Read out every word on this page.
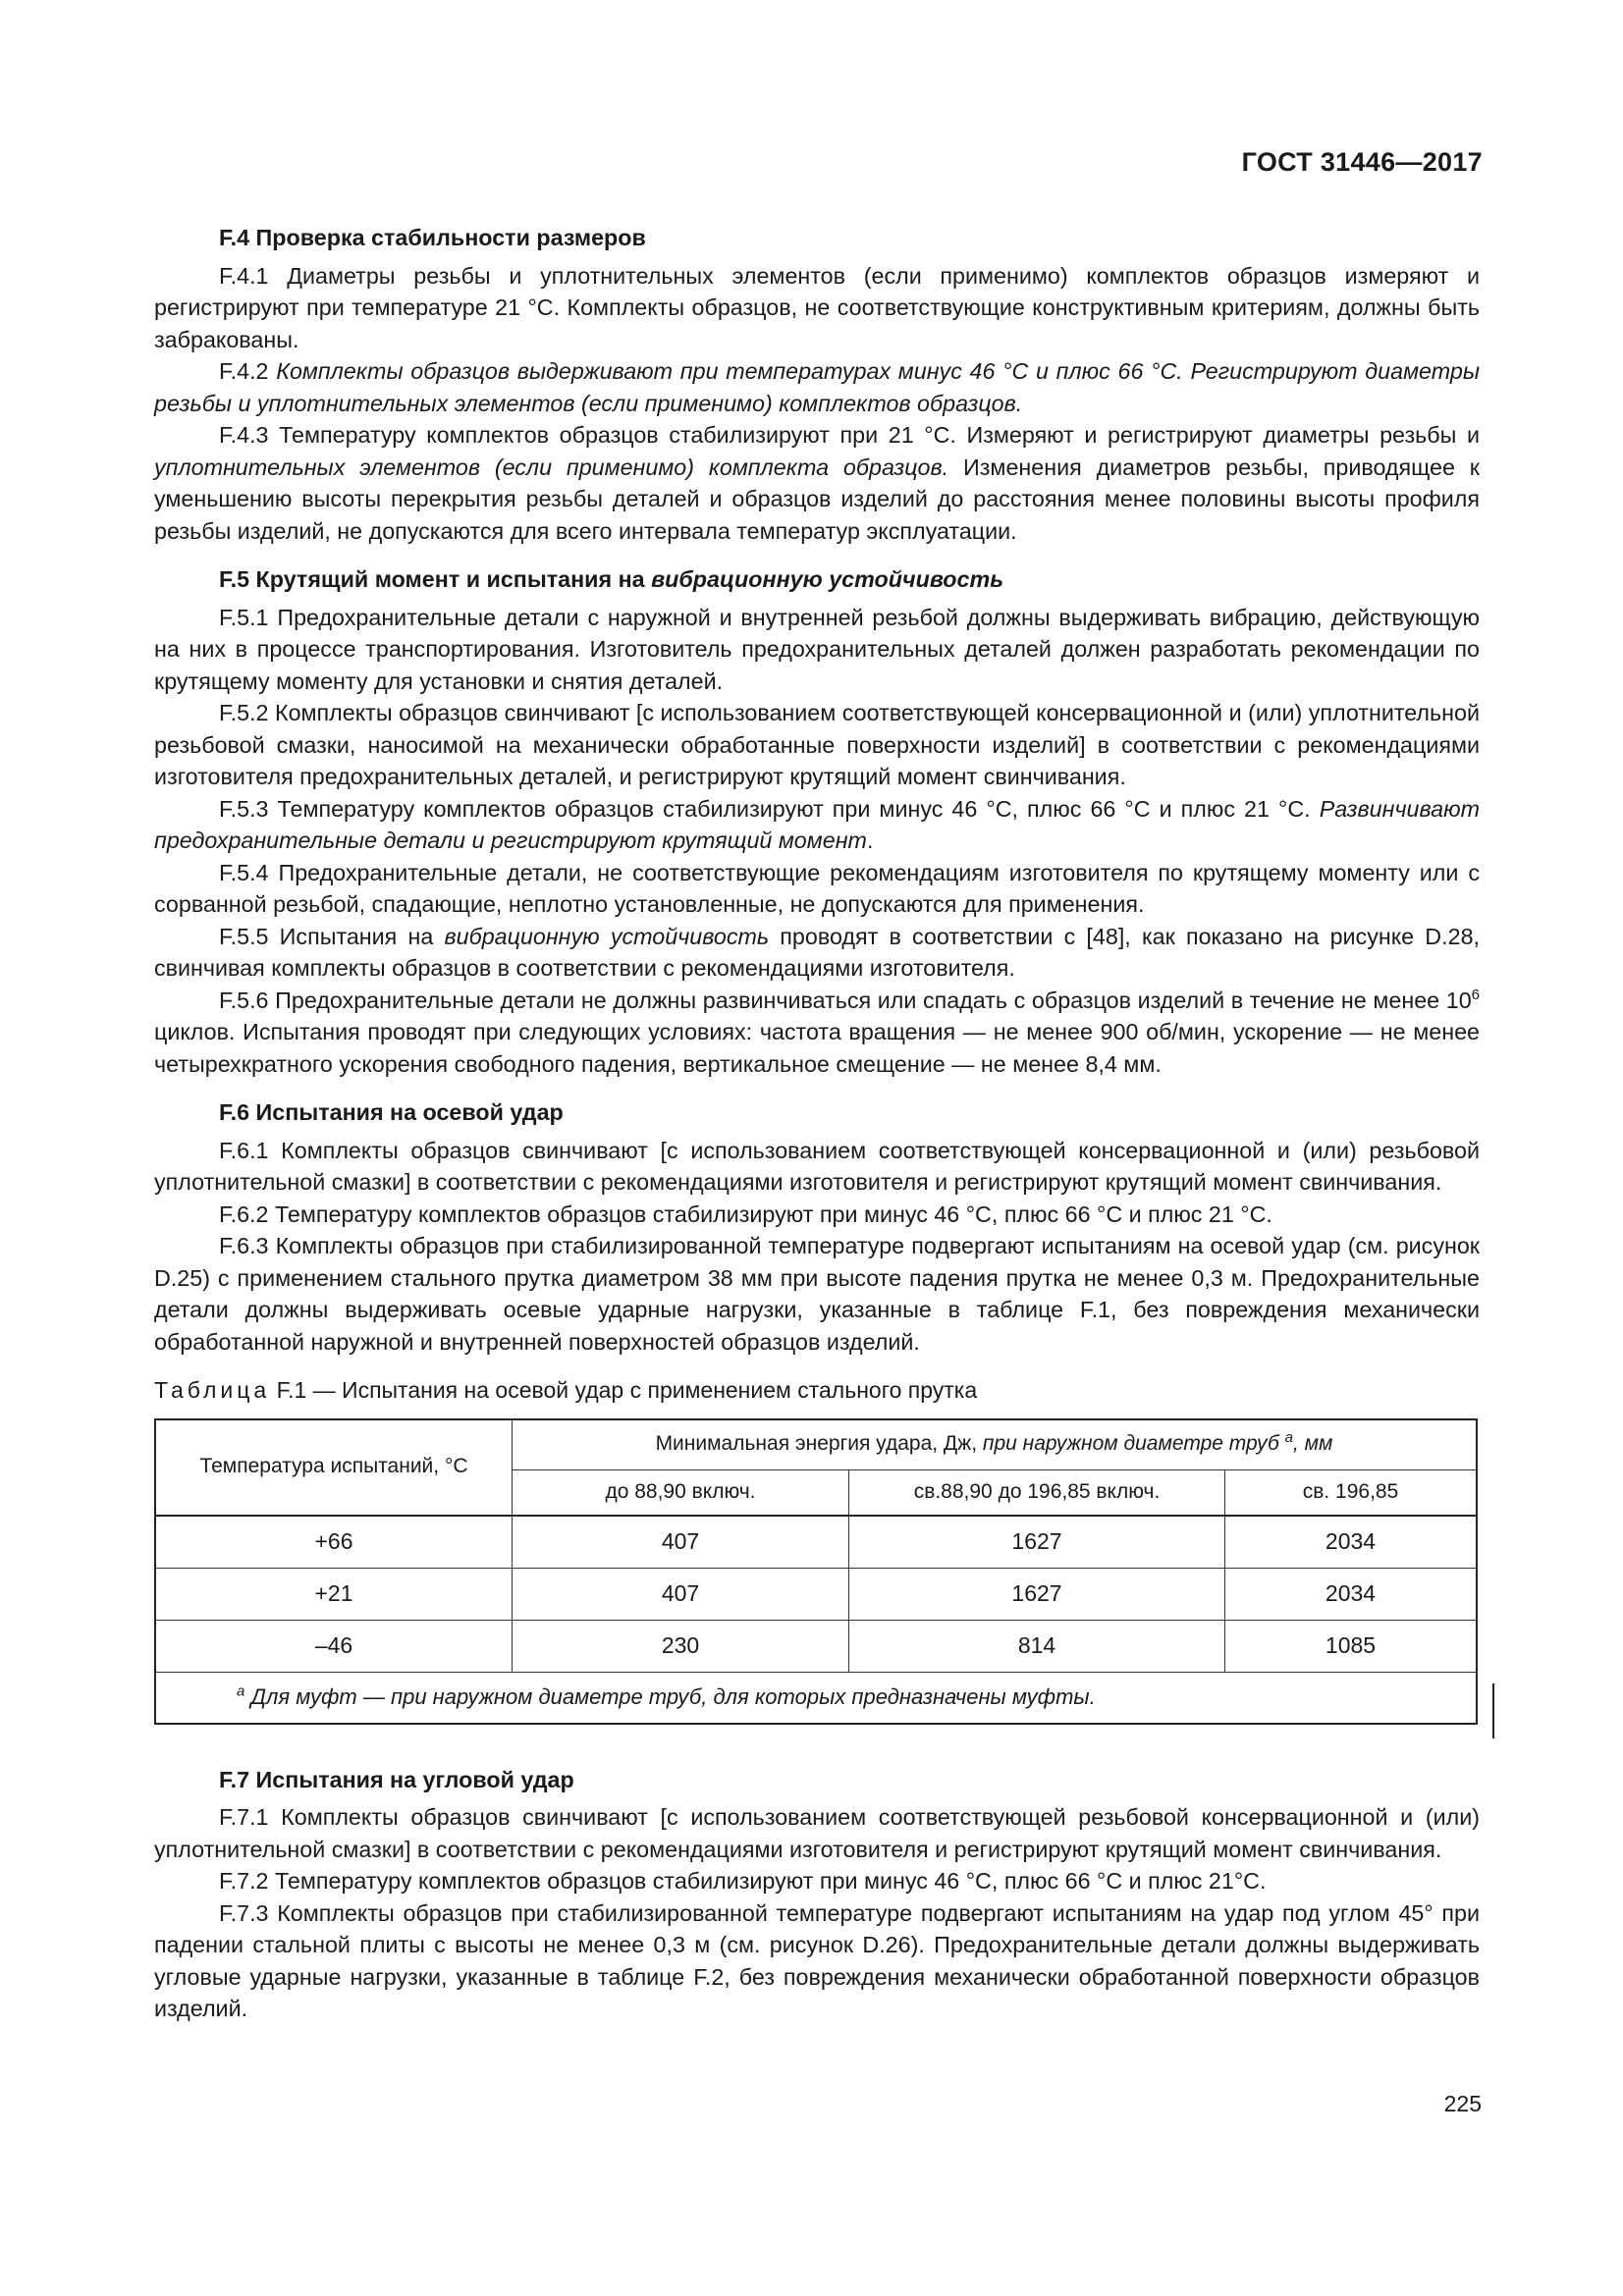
ГОСТ 31446—2017
F.4 Проверка стабильности размеров

F.4.1 Диаметры резьбы и уплотнительных элементов (если применимо) комплектов образцов измеряют и регистрируют при температуре 21 °С. Комплекты образцов, не соответствующие конструктивным критериям, должны быть забракованы.

F.4.2 Комплекты образцов выдерживают при температурах минус 46 °С и плюс 66 °С. Регистрируют диаметры резьбы и уплотнительных элементов (если применимо) комплектов образцов.

F.4.3 Температуру комплектов образцов стабилизируют при 21 °С. Измеряют и регистрируют диаметры резьбы и уплотнительных элементов (если применимо) комплекта образцов. Изменения диаметров резьбы, приводящее к уменьшению высоты перекрытия резьбы деталей и образцов изделий до расстояния менее половины высоты профиля резьбы изделий, не допускаются для всего интервала температур эксплуатации.

F.5 Крутящий момент и испытания на вибрационную устойчивость

F.5.1 Предохранительные детали с наружной и внутренней резьбой должны выдерживать вибрацию, действующую на них в процессе транспортирования. Изготовитель предохранительных деталей должен разработать рекомендации по крутящему моменту для установки и снятия деталей.

F.5.2 Комплекты образцов свинчивают [с использованием соответствующей консервационной и (или) уплотнительной резьбовой смазки, наносимой на механически обработанные поверхности изделий] в соответствии с рекомендациями изготовителя предохранительных деталей, и регистрируют крутящий момент свинчивания.

F.5.3 Температуру комплектов образцов стабилизируют при минус 46 °С, плюс 66 °С и плюс 21 °С. Развинчивают предохранительные детали и регистрируют крутящий момент.

F.5.4 Предохранительные детали, не соответствующие рекомендациям изготовителя по крутящему моменту или с сорванной резьбой, спадающие, неплотно установленные, не допускаются для применения.

F.5.5 Испытания на вибрационную устойчивость проводят в соответствии с [48], как показано на рисунке D.28, свинчивая комплекты образцов в соответствии с рекомендациями изготовителя.

F.5.6 Предохранительные детали не должны развинчиваться или спадать с образцов изделий в течение не менее $10^6$ циклов. Испытания проводят при следующих условиях: частота вращения — не менее 900 об/мин, ускорение — не менее четырехкратного ускорения свободного падения, вертикальное смещение — не менее 8,4 мм.

F.6 Испытания на осевой удар

F.6.1 Комплекты образцов свинчивают [с использованием соответствующей консервационной и (или) резьбовой уплотнительной смазки] в соответствии с рекомендациями изготовителя и регистрируют крутящий момент свинчивания.

F.6.2 Температуру комплектов образцов стабилизируют при минус 46 °С, плюс 66 °С и плюс 21 °С.

F.6.3 Комплекты образцов при стабилизированной температуре подвергают испытаниям на осевой удар (см. рисунок D.25) с применением стального прутка диаметром 38 мм при высоте падения прутка не менее 0,3 м. Предохранительные детали должны выдерживать осевые ударные нагрузки, указанные в таблице F.1, без повреждения механически обработанной наружной и внутренней поверхностей образцов изделий.

Таблица F.1 — Испытания на осевой удар с применением стального прутка
Температура испытаний, °С	Минимальная энергия удара, Дж, при наружном диаметре труб $^а$, мм		
	до 88,90 включ.	св.88,90 до 196,85 включ.	св. 196,85
+66	407	1627	2034
+21	407	1627	2034
–46	230	814	1085
$^а$ Для муфт — при наружном диаметре труб, для которых предназначены муфты.			
F.7 Испытания на угловой удар

F.7.1 Комплекты образцов свинчивают [с использованием соответствующей резьбовой консервационной и (или) уплотнительной смазки] в соответствии с рекомендациями изготовителя и регистрируют крутящий момент свинчивания.

F.7.2 Температуру комплектов образцов стабилизируют при минус 46 °С, плюс 66 °С и плюс 21°С.

F.7.3 Комплекты образцов при стабилизированной температуре подвергают испытаниям на удар под углом 45° при падении стальной плиты с высоты не менее 0,3 м (см. рисунок D.26). Предохранительные детали должны выдерживать угловые ударные нагрузки, указанные в таблице F.2, без повреждения механически обработанной поверхности образцов изделий.

225
